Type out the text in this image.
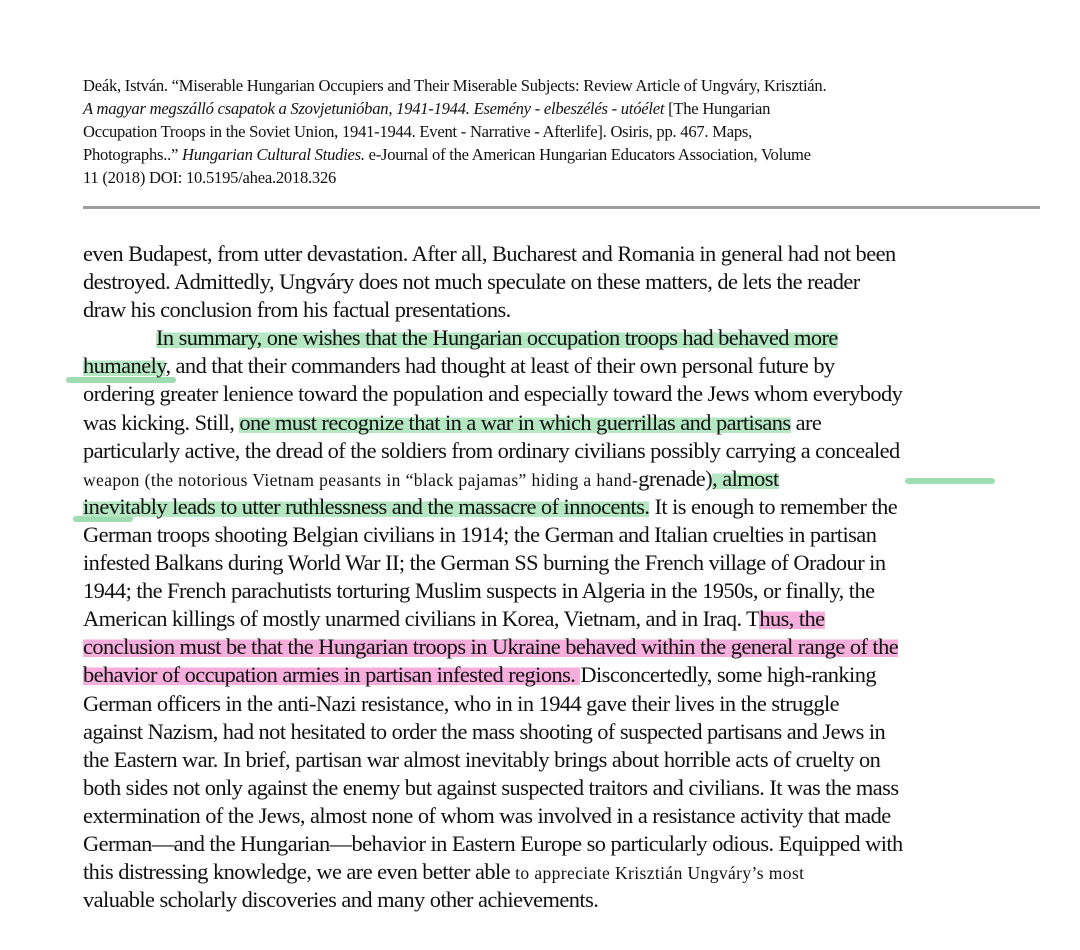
Deák, István. “Miserable Hungarian Occupiers and Their Miserable Subjects: Review Article of Ungváry, Krisztián.
A magyar megszálló csapatok a Szovjetunióban, 1941-1944. Esemény - elbeszélés - utóélet [The Hungarian
Occupation Troops in the Soviet Union, 1941-1944. Event - Narrative - Afterlife]. Osiris, pp. 467. Maps,
Photographs..” Hungarian Cultural Studies. e-Journal of the American Hungarian Educators Association, Volume
11 (2018) DOI: 10.5195/ahea.2018.326
even Budapest, from utter devastation. After all, Bucharest and Romania in general had not been
destroyed. Admittedly, Ungváry does not much speculate on these matters, de lets the reader
draw his conclusion from his factual presentations.
In summary, one wishes that the Hungarian occupation troops had behaved more
humanely, and that their commanders had thought at least of their own personal future by
ordering greater lenience toward the population and especially toward the Jews whom everybody
was kicking. Still, one must recognize that in a war in which guerrillas and partisans are
particularly active, the dread of the soldiers from ordinary civilians possibly carrying a concealed
weapon (the notorious Vietnam peasants in “black pajamas” hiding a hand-grenade), almost
inevitably leads to utter ruthlessness and the massacre of innocents. It is enough to remember the
German troops shooting Belgian civilians in 1914; the German and Italian cruelties in partisan
infested Balkans during World War II; the German SS burning the French village of Oradour in
1944; the French parachutists torturing Muslim suspects in Algeria in the 1950s, or finally, the
American killings of mostly unarmed civilians in Korea, Vietnam, and in Iraq. Thus, the
conclusion must be that the Hungarian troops in Ukraine behaved within the general range of the
behavior of occupation armies in partisan infested regions. Disconcertedly, some high-ranking
German officers in the anti-Nazi resistance, who in in 1944 gave their lives in the struggle
against Nazism, had not hesitated to order the mass shooting of suspected partisans and Jews in
the Eastern war. In brief, partisan war almost inevitably brings about horrible acts of cruelty on
both sides not only against the enemy but against suspected traitors and civilians. It was the mass
extermination of the Jews, almost none of whom was involved in a resistance activity that made
German—and the Hungarian—behavior in Eastern Europe so particularly odious. Equipped with
this distressing knowledge, we are even better able to appreciate Krisztián Ungváry’s most
valuable scholarly discoveries and many other achievements.
